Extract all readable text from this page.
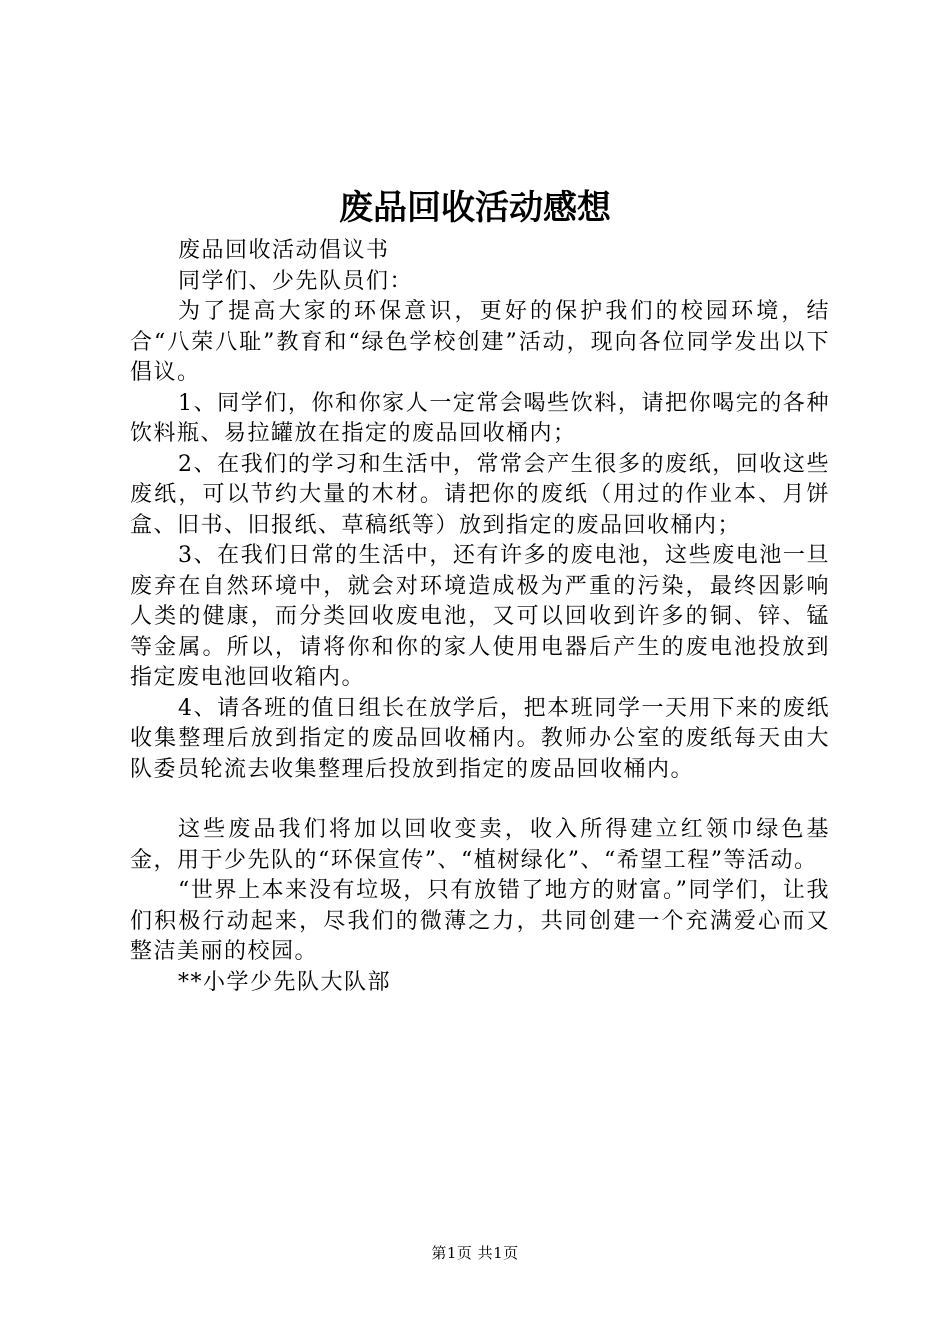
废品回收活动感想

废品回收活动倡议书

同学们、少先队员们：

为了提高大家的环保意识，更好的保护我们的校园环境，结合“八荣八耻”教育和“绿色学校创建”活动，现向各位同学发出以下倡议。

1、同学们，你和你家人一定常会喝些饮料，请把你喝完的各种饮料瓶、易拉罐放在指定的废品回收桶内；

2、在我们的学习和生活中，常常会产生很多的废纸，回收这些废纸，可以节约大量的木材。请把你的废纸（用过的作业本、月饼盒、旧书、旧报纸、草稿纸等）放到指定的废品回收桶内；

3、在我们日常的生活中，还有许多的废电池，这些废电池一旦废弃在自然环境中，就会对环境造成极为严重的污染，最终因影响人类的健康，而分类回收废电池，又可以回收到许多的铜、锌、锰等金属。所以，请将你和你的家人使用电器后产生的废电池投放到指定废电池回收箱内。

4、请各班的值日组长在放学后，把本班同学一天用下来的废纸收集整理后放到指定的废品回收桶内。教师办公室的废纸每天由大队委员轮流去收集整理后投放到指定的废品回收桶内。

这些废品我们将加以回收变卖，收入所得建立红领巾绿色基金，用于少先队的“环保宣传”、“植树绿化”、“希望工程”等活动。

“世界上本来没有垃圾，只有放错了地方的财富。”同学们，让我们积极行动起来，尽我们的微薄之力，共同创建一个充满爱心而又整洁美丽的校园。

**小学少先队大队部

第1页 共1页
